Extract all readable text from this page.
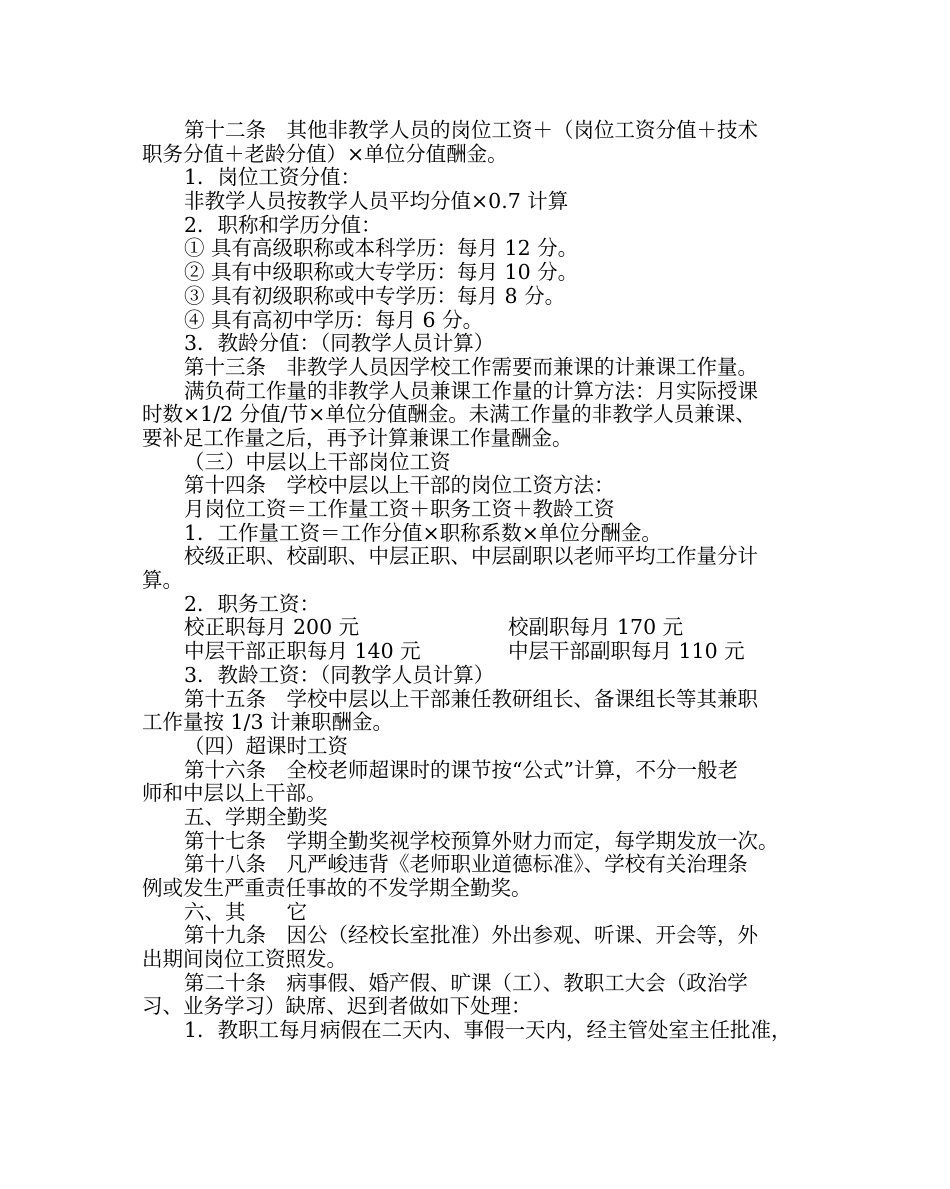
第十二条　其他非教学人员的岗位工资＋（岗位工资分值＋技术

职务分值＋老龄分值）×单位分值酬金。

1．岗位工资分值：

非教学人员按教学人员平均分值×0.7 计算

2．职称和学历分值：

① 具有高级职称或本科学历：每月 12 分。

② 具有中级职称或大专学历：每月 10 分。

③ 具有初级职称或中专学历：每月 8 分。

④ 具有高初中学历：每月 6 分。

3．教龄分值：（同教学人员计算）

第十三条　非教学人员因学校工作需要而兼课的计兼课工作量。

满负荷工作量的非教学人员兼课工作量的计算方法：月实际授课

时数×1/2 分值/节×单位分值酬金。未满工作量的非教学人员兼课、

要补足工作量之后，再予计算兼课工作量酬金。

（三）中层以上干部岗位工资

第十四条　学校中层以上干部的岗位工资方法：

月岗位工资＝工作量工资＋职务工资＋教龄工资

1．工作量工资＝工作分值×职称系数×单位分酬金。

校级正职、校副职、中层正职、中层副职以老师平均工作量分计

算。

2．职务工资：

校正职每月 200 元	校副职每月 170 元
中层干部正职每月 140 元	中层干部副职每月 110 元

3．教龄工资：（同教学人员计算）

第十五条　学校中层以上干部兼任教研组长、备课组长等其兼职

工作量按 1/3 计兼职酬金。

（四）超课时工资

第十六条　全校老师超课时的课节按“公式”计算，不分一般老

师和中层以上干部。

五、学期全勤奖

第十七条　学期全勤奖视学校预算外财力而定，每学期发放一次。

第十八条　凡严峻违背《老师职业道德标准》、学校有关治理条

例或发生严重责任事故的不发学期全勤奖。

六、其　　它

第十九条　因公（经校长室批准）外出参观、听课、开会等，外

出期间岗位工资照发。

第二十条　病事假、婚产假、旷课（工）、教职工大会（政治学

习、业务学习）缺席、迟到者做如下处理：

1．教职工每月病假在二天内、事假一天内，经主管处室主任批准，
